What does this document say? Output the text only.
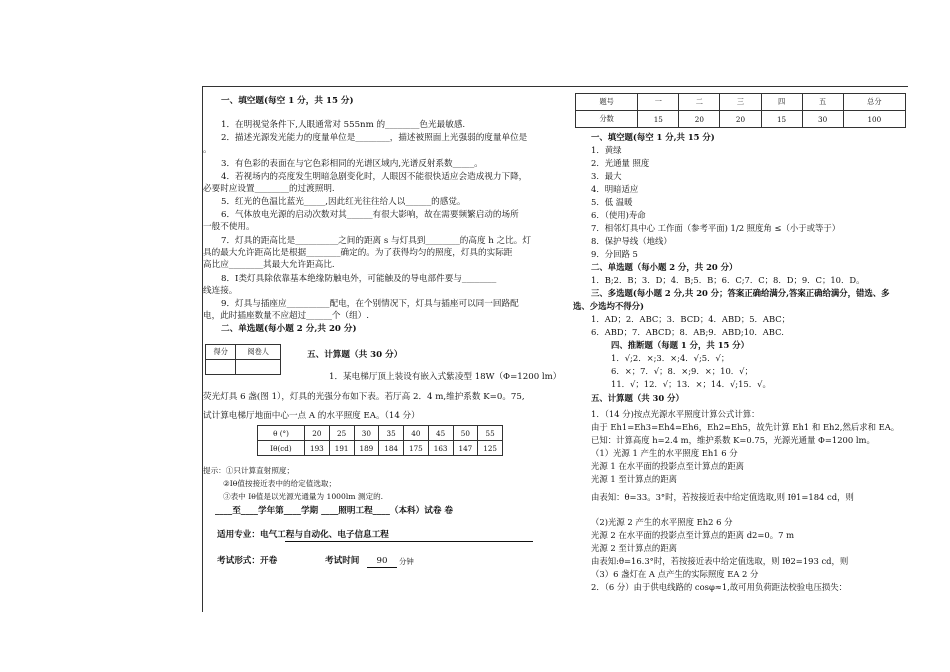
一、填空题(每空 1 分，共 15 分)
1．在明视觉条件下,人眼通常对 555nm 的________色光最敏感.
2．描述光源发光能力的度量单位是________，描述被照面上光强弱的度量单位是
。
3．有色彩的表面在与它色彩相同的光谱区域内,光谱反射系数_____。
4．若视场内的亮度发生明暗急剧变化时，人眼因不能很快适应会造成视力下降，
必要时应设置________的过渡照明.
5．红光的色温比蓝光_____,因此红光往往给人以______的感觉。
6．气体放电光源的启动次数对其______有很大影响，故在需要频繁启动的场所
一般不使用。
7．灯具的距高比是__________之间的距离 s 与灯具到________的高度 h 之比。灯
具的最大允许距高比是根据________确定的。为了获得均匀的照度，灯具的实际距
高比应________其最大允许距高比.
8．Ⅰ类灯具除依靠基本绝缘防触电外，可能触及的导电部件要与________
线连接。
9．灯具与插座应__________配电，在个别情况下，灯具与插座可以同一回路配
电，此时插座数量不应超过______个（组）.
二、单选题(每小题 2 分,共 20 分)
得分	阅卷人
		五、计算题（共 30 分）
1．某电梯厅顶上装设有嵌入式紫凌型 18W（Φ=1200 lm）
荧光灯具 6 盏(图 1），灯具的光强分布如下表。若厅高 2．4 m,维护系数 K=0。75,
试计算电梯厅地面中心一点 A 的水平照度 EA。（14 分）
θ (°)	20	25	30	35	40	45	50	55
Iθ(cd)	193	191	189	184	175	163	147	125
提示：①只计算直射照度；
②Iθ值按接近表中的给定值选取；
③表中 Iθ值是以光源光通量为 1000lm 测定的.
____至____学年第____学期 ____照明工程____（本科）试卷 卷
适用专业：电气工程与自动化、电子信息工程
考试形式：开卷	考试时间	90	分钟
题号	一	二	三	四	五	总分
分数	15	20	20	15	30	100
一、填空题(每空 1 分,共 15 分)
1．黄绿
2．光通量 照度
3．最大
4．明暗适应
5．低 温暖
6．（使用)寿命
7．相邻灯具中心 工作面（参考平面) 1/2 照度角 ≤（小于或等于）
8．保护导线（地线）
9．分回路 5
二、单选题（每小题 2 分，共 20 分）
1．B;2．B；3．D；4．B;5．B；6．C;7．C；8．D；9．C；10．D。
三、多选题(每小题 2 分,共 20 分；答案正确给满分,答案正确给满分，错选、多
选、少选均不得分)
1．AD；2．ABC；3．BCD；4．ABD；5．ABC；
6．ABD；7．ABCD；8．AB;9．ABD;10．ABC.
四、推断题（每题 1 分，共 15 分）
1．√;2．×;3．×;4．√;5．√；
6．×；7．√；8．×;9．×；10．√；
11．√；12．√；13．×；14．√;15．√。
五、计算题（共 30 分）
1．（14 分)按点光源水平照度计算公式计算：
由于 Eh1=Eh3=Eh4=Eh6，Eh2=Eh5，故先计算 Eh1 和 Eh2,然后求和 EA。
已知：计算高度 h=2.4 m，维护系数 K=0.75，光源光通量 Φ=1200 lm。
（1）光源 1 产生的水平照度 Eh1 6 分
光源 1 在水平面的投影点至计算点的距离
光源 1 至计算点的距离
由表知：θ=33。3°时，若按接近表中给定值选取,则 Iθ1=184 cd，则
（2)光源 2 产生的水平照度 Eh2 6 分
光源 2 在水平面的投影点至计算点的距离 d2=0。7 m
光源 2 至计算点的距离
由表知:θ=16.3°时，若按接近表中给定值选取，则 Iθ2=193 cd，则
（3）6 盏灯在 A 点产生的实际照度 EA 2 分
2．（6 分）由于供电线路的 cosφ≈1,故可用负荷距法校验电压损失：
